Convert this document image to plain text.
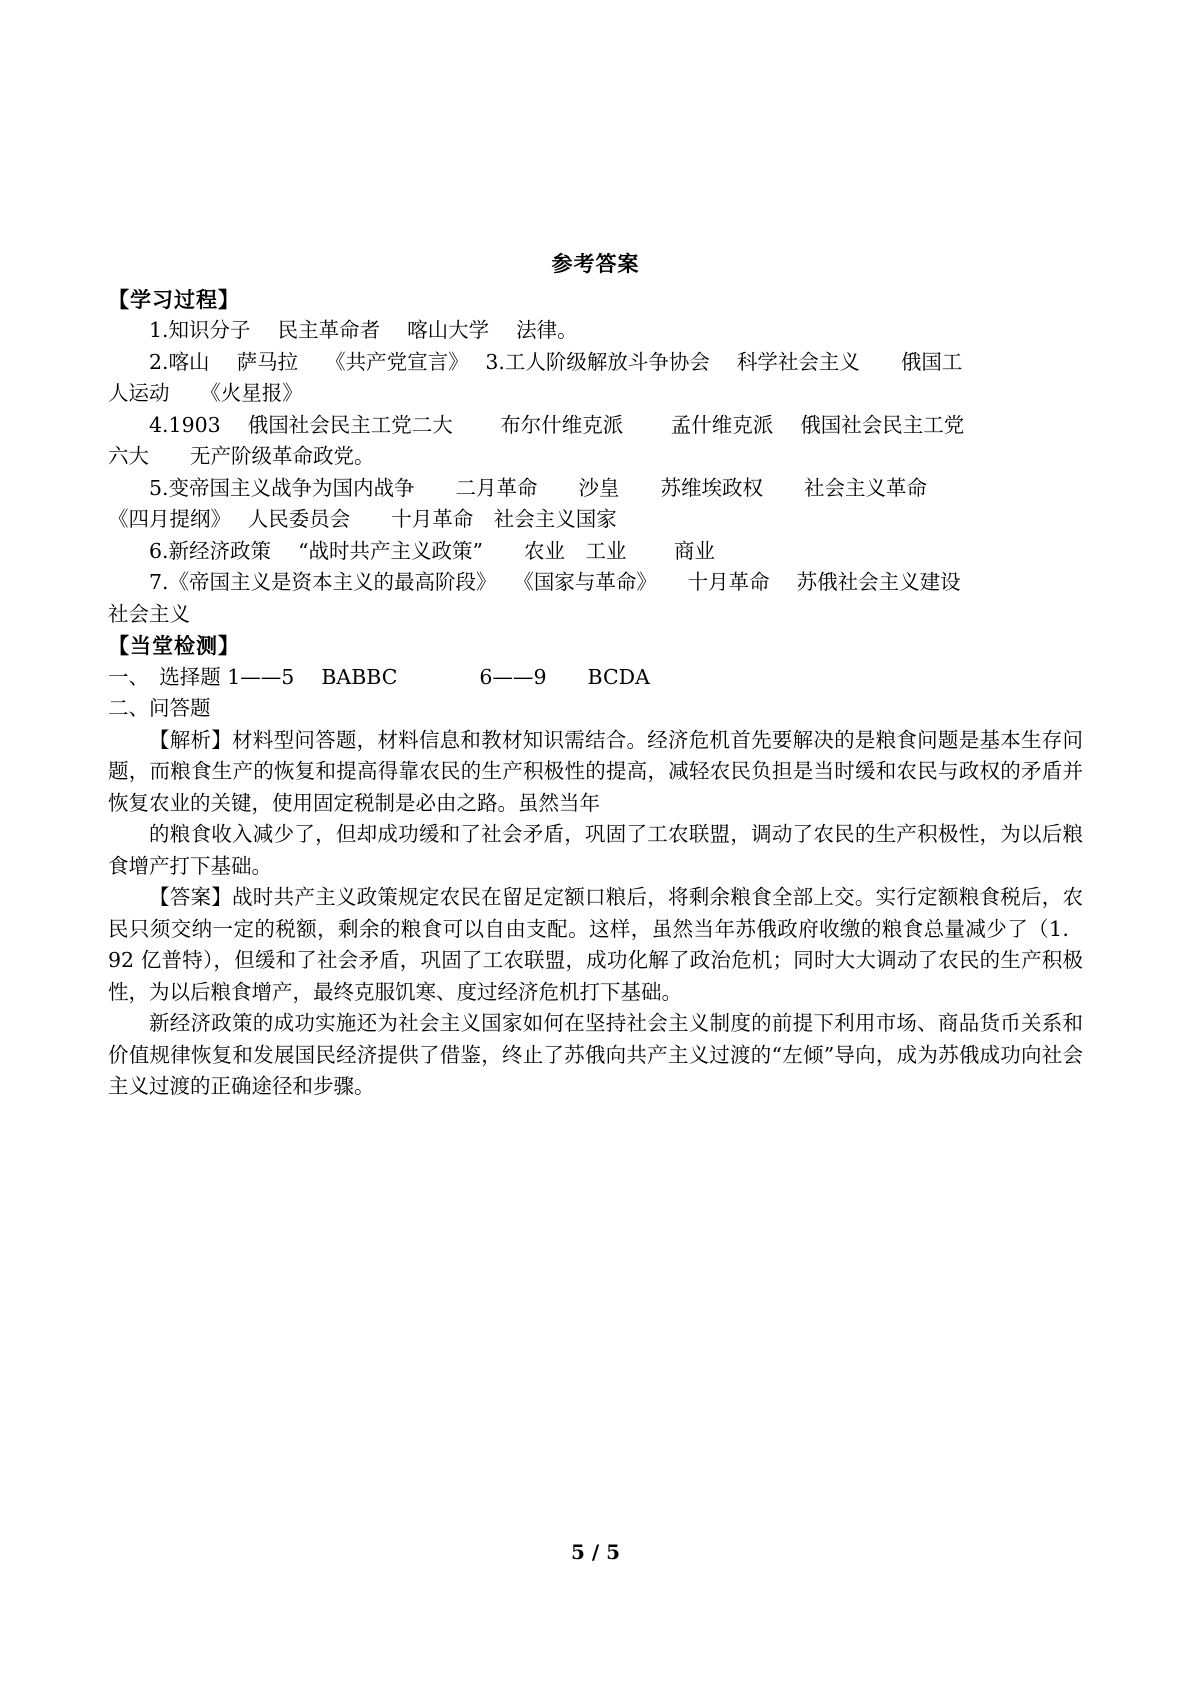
参考答案

【学习过程】

1.知识分子　 民主革命者　 喀山大学　 法律。

2.喀山　 萨马拉　 《共产党宣言》　 3.工人阶级解放斗争协会　 科学社会主义　　俄国工

人运动　　《火星报》

4.1903　 俄国社会民主工党二大　　 布尔什维克派　　 孟什维克派　 俄国社会民主工党

六大　　无产阶级革命政党。

5.变帝国主义战争为国内战争　　二月革命　　沙皇　　苏维埃政权　　社会主义革命

《四月提纲》　 人民委员会　　十月革命　社会主义国家

6.新经济政策　 “战时共产主义政策”　　农业　工业　　 商业

7.《帝国主义是资本主义的最高阶段》　 《国家与革命》　　十月革命　 苏俄社会主义建设

社会主义

【当堂检测】

一、　选择题 1——5　 BABBC　　　　6——9　　BCDA

二、问答题

【解析】材料型问答题，材料信息和教材知识需结合。经济危机首先要解决的是粮食问题是基本生存问题，而粮食生产的恢复和提高得靠农民的生产积极性的提高，减轻农民负担是当时缓和农民与政权的矛盾并恢复农业的关键，使用固定税制是必由之路。虽然当年

的粮食收入减少了，但却成功缓和了社会矛盾，巩固了工农联盟，调动了农民的生产积极性，为以后粮食增产打下基础。

【答案】战时共产主义政策规定农民在留足定额口粮后，将剩余粮食全部上交。实行定额粮食税后，农民只须交纳一定的税额，剩余的粮食可以自由支配。这样，虽然当年苏俄政府收缴的粮食总量减少了（1．92 亿普特），但缓和了社会矛盾，巩固了工农联盟，成功化解了政治危机；同时大大调动了农民的生产积极性，为以后粮食增产，最终克服饥寒、度过经济危机打下基础。

新经济政策的成功实施还为社会主义国家如何在坚持社会主义制度的前提下利用市场、商品货币关系和价值规律恢复和发展国民经济提供了借鉴，终止了苏俄向共产主义过渡的“左倾”导向，成为苏俄成功向社会主义过渡的正确途径和步骤。

5 / 5
